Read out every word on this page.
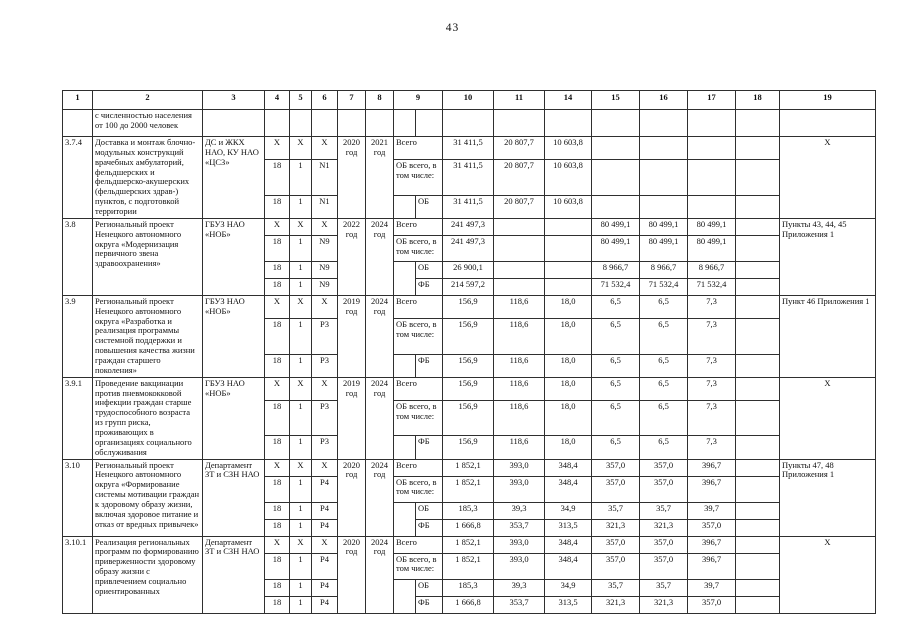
43
1	2	3	4	5	6	7	8	9		10	11	14	15	16	17	18	19
	с численностью населения от 100 до 2000 человек																
3.7.4	Доставка и монтаж блочно-модульных конструкций врачебных амбулаторий, фельдшерских и фельдшерско-акушерских (фельдшерских здрав-) пунктов, с подготовкой территории	ДС и ЖКХ НАО, КУ НАО «ЦСЗ»	X	X	X	2020 год	2021 год	Всего		31 411,5	20 807,7	10 603,8					X
			18	1	N1			ОБ всего, в том числе:		31 411,5	20 807,7	10 603,8					
			18	1	N1				ОБ	31 411,5	20 807,7	10 603,8					
3.8	Региональный проект Ненецкого автономного округа «Модернизация первичного звена здравоохранения»	ГБУЗ НАО «НОБ»	X	X	X	2022 год	2024 год	Всего		241 497,3			80 499,1	80 499,1	80 499,1		Пункты 43, 44, 45 Приложения 1
			18	1	N9			ОБ всего, в том числе:		241 497,3			80 499,1	80 499,1	80 499,1		
			18	1	N9				ОБ	26 900,1			8 966,7	8 966,7	8 966,7		
			18	1	N9				ФБ	214 597,2			71 532,4	71 532,4	71 532,4		
3.9	Региональный проект Ненецкого автономного округа «Разработка и реализация программы системной поддержки и повышения качества жизни граждан старшего поколения»	ГБУЗ НАО «НОБ»	X	X	X	2019 год	2024 год	Всего		156,9	118,6	18,0	6,5	6,5	7,3		Пункт 46 Приложения 1
			18	1	P3			ОБ всего, в том числе:		156,9	118,6	18,0	6,5	6,5	7,3		
			18	1	P3				ФБ	156,9	118,6	18,0	6,5	6,5	7,3		
3.9.1	Проведение вакцинации против пневмококковой инфекции граждан старше трудоспособного возраста из групп риска, проживающих в организациях социального обслуживания	ГБУЗ НАО «НОБ»	X	X	X	2019 год	2024 год	Всего		156,9	118,6	18,0	6,5	6,5	7,3		X
			18	1	P3			ОБ всего, в том числе:		156,9	118,6	18,0	6,5	6,5	7,3		
			18	1	P3				ФБ	156,9	118,6	18,0	6,5	6,5	7,3		
3.10	Региональный проект Ненецкого автономного округа «Формирование системы мотивации граждан к здоровому образу жизни, включая здоровое питание и отказ от вредных привычек»	Департамент ЗТ и СЗН НАО	X	X	X	2020 год	2024 год	Всего		1 852,1	393,0	348,4	357,0	357,0	396,7		Пункты 47, 48 Приложения 1
			18	1	P4			ОБ всего, в том числе:		1 852,1	393,0	348,4	357,0	357,0	396,7		
			18	1	P4				ОБ	185,3	39,3	34,9	35,7	35,7	39,7		
			18	1	P4				ФБ	1 666,8	353,7	313,5	321,3	321,3	357,0		
3.10.1	Реализация региональных программ по формированию приверженности здоровому образу жизни с привлечением социально ориентированных	Департамент ЗТ и СЗН НАО	X	X	X	2020 год	2024 год	Всего		1 852,1	393,0	348,4	357,0	357,0	396,7		X
			18	1	P4			ОБ всего, в том числе:		1 852,1	393,0	348,4	357,0	357,0	396,7		
			18	1	P4				ОБ	185,3	39,3	34,9	35,7	35,7	39,7		
			18	1	P4				ФБ	1 666,8	353,7	313,5	321,3	321,3	357,0		
